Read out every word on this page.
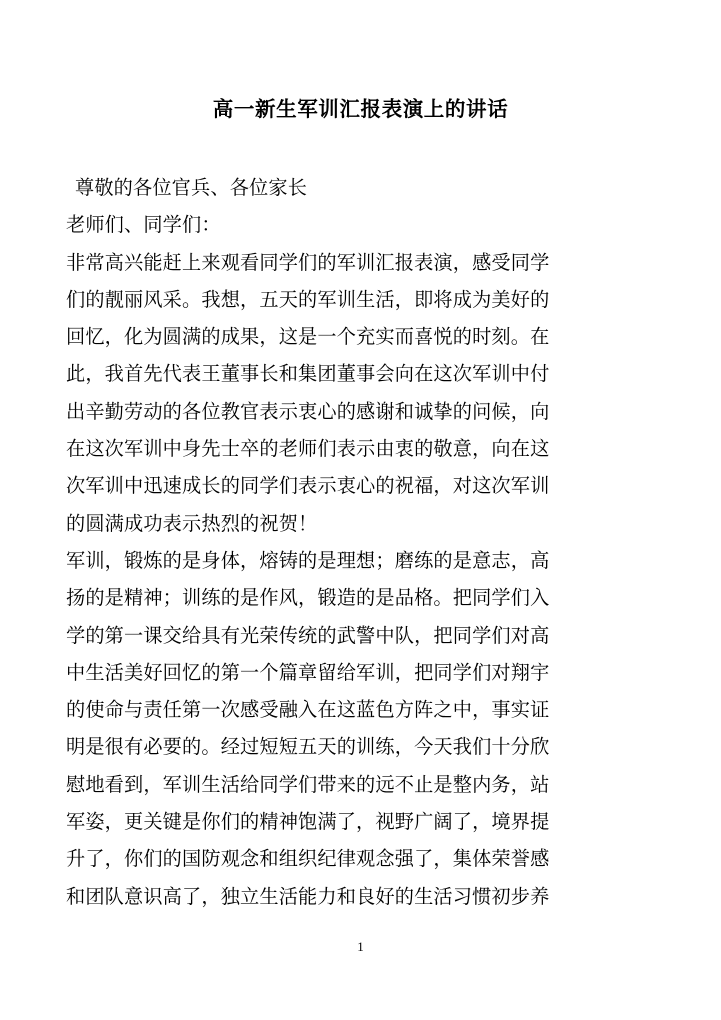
高一新生军训汇报表演上的讲话
尊敬的各位官兵、各位家长
老师们、同学们：
非常高兴能赶上来观看同学们的军训汇报表演，感受同学
们的靓丽风采。我想，五天的军训生活，即将成为美好的
回忆，化为圆满的成果，这是一个充实而喜悦的时刻。在
此，我首先代表王董事长和集团董事会向在这次军训中付
出辛勤劳动的各位教官表示衷心的感谢和诚挚的问候，向
在这次军训中身先士卒的老师们表示由衷的敬意，向在这
次军训中迅速成长的同学们表示衷心的祝福，对这次军训
的圆满成功表示热烈的祝贺！
军训，锻炼的是身体，熔铸的是理想；磨练的是意志，高
扬的是精神；训练的是作风，锻造的是品格。把同学们入
学的第一课交给具有光荣传统的武警中队，把同学们对高
中生活美好回忆的第一个篇章留给军训，把同学们对翔宇
的使命与责任第一次感受融入在这蓝色方阵之中，事实证
明是很有必要的。经过短短五天的训练，今天我们十分欣
慰地看到，军训生活给同学们带来的远不止是整内务，站
军姿，更关键是你们的精神饱满了，视野广阔了，境界提
升了，你们的国防观念和组织纪律观念强了，集体荣誉感
和团队意识高了，独立生活能力和良好的生活习惯初步养
1
